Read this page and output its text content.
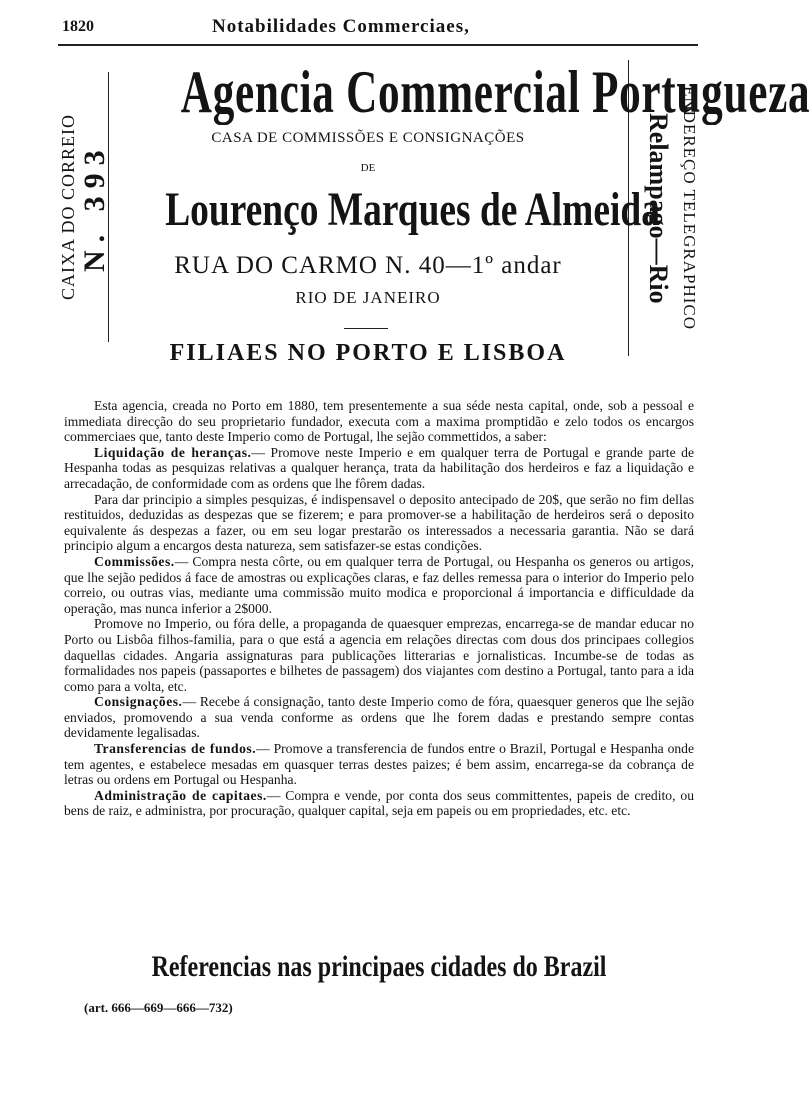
1820	Notabilidades Commerciaes,
CAIXA DO CORREIO N. 393	Relampago—Rio ENDEREÇO TELEGRAPHICO
Agencia Commercial Portugueza
CASA DE COMMISSÕES E CONSIGNAÇÕES
DE
Lourenço Marques de Almeida
RUA DO CARMO N. 40—1º andar
RIO DE JANEIRO
FILIAES NO PORTO E LISBOA

Esta agencia, creada no Porto em 1880, tem presentemente a sua séde nesta capital, onde, sob a pessoal e immediata direcção do seu proprietario fundador, executa com a maxima promptidão e zelo todos os encargos commerciaes que, tanto deste Imperio como de Portugal, lhe sejão commettidos, a saber:

Liquidação de heranças.— Promove neste Imperio e em qualquer terra de Portugal e grande parte de Hespanha todas as pesquizas relativas a qualquer herança, trata da habilitação dos herdeiros e faz a liquidação e arrecadação, de conformidade com as ordens que lhe fôrem dadas.

Para dar principio a simples pesquizas, é indispensavel o deposito antecipado de 20$, que serão no fim dellas restituidos, deduzidas as despezas que se fizerem; e para promover-se a habilitação de herdeiros será o deposito equivalente ás despezas a fazer, ou em seu logar prestarão os interessados a necessaria garantia. Não se dará principio algum a encargos desta natureza, sem satisfazer-se estas condições.

Commissões.— Compra nesta côrte, ou em qualquer terra de Portugal, ou Hespanha os generos ou artigos, que lhe sejão pedidos á face de amostras ou explicações claras, e faz delles remessa para o interior do Imperio pelo correio, ou outras vias, mediante uma commissão muito modica e proporcional á importancia e difficuldade da operação, mas nunca inferior a 2$000.

Promove no Imperio, ou fóra delle, a propaganda de quaesquer emprezas, encarrega-se de mandar educar no Porto ou Lisbôa filhos-familia, para o que está a agencia em relações directas com dous dos principaes collegios daquellas cidades. Angaria assignaturas para publicações litterarias e jornalisticas. Incumbe-se de todas as formalidades nos papeis (passaportes e bilhetes de passagem) dos viajantes com destino a Portugal, tanto para a ida como para a volta, etc.

Consignações.— Recebe á consignação, tanto deste Imperio como de fóra, quaesquer generos que lhe sejão enviados, promovendo a sua venda conforme as ordens que lhe forem dadas e prestando sempre contas devidamente legalisadas.

Transferencias de fundos.— Promove a transferencia de fundos entre o Brazil, Portugal e Hespanha onde tem agentes, e estabelece mesadas em quasquer terras destes paizes; é bem assim, encarrega-se da cobrança de letras ou ordens em Portugal ou Hespanha.

Administração de capitaes.— Compra e vende, por conta dos seus committentes, papeis de credito, ou bens de raiz, e administra, por procuração, qualquer capital, seja em papeis ou em propriedades, etc. etc.

Referencias nas principaes cidades do Brazil
(art. 666—669—666—732)
